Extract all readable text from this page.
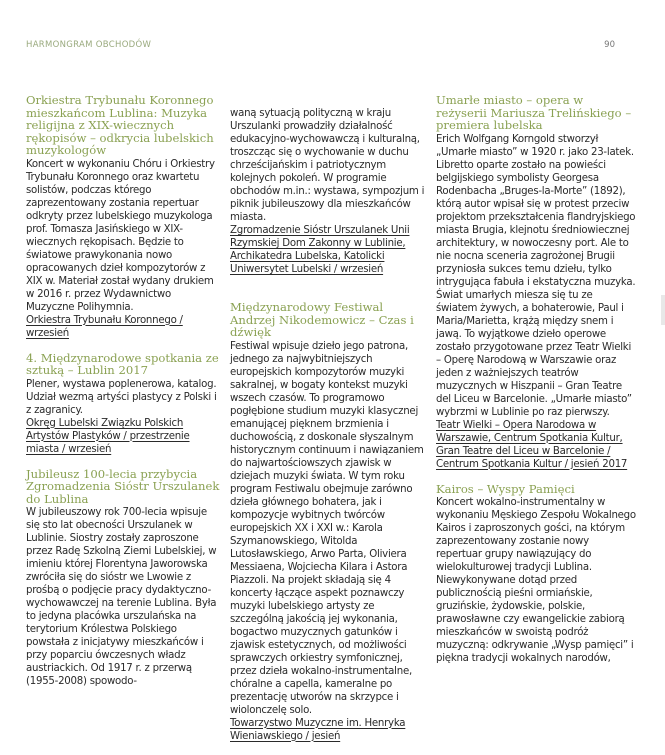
HARMONGRAM OBCHODÓW	90
Orkiestra Trybunału Koronnego mieszkańcom Lublina: Muzyka religijna z XIX-wiecznych rękopisów – odkrycia lubelskich muzykologów

Koncert w wykonaniu Chóru i Orkiestry Trybunału Koronnego oraz kwartetu solistów, podczas którego zaprezentowany zostania repertuar odkryty przez lubelskiego muzykologa prof. Tomasza Jasińskiego w XIX-wiecznych rękopisach. Będzie to światowe prawykonania nowo opracowanych dzieł kompozytorów z XIX w. Materiał został wydany drukiem w 2016 r. przez Wydawnictwo Muzyczne Polihymnia.

Orkiestra Trybunału Koronnego / wrzesień
4. Międzynarodowe spotkania ze sztuką – Lublin 2017

Plener, wystawa poplenerowa, katalog. Udział wezmą artyści plastycy z Polski i z zagranicy.

Okręg Lubelski Związku Polskich Artystów Plastyków / przestrzenie miasta / wrzesień
Jubileusz 100-lecia przybycia Zgromadzenia Sióstr Urszulanek do Lublina

W jubileuszowy rok 700-lecia wpisuje się sto lat obecności Urszulanek w Lublinie. Siostry zostały zaproszone przez Radę Szkolną Ziemi Lubelskiej, w imieniu której Florentyna Jaworowska zwróciła się do sióstr we Lwowie z prośbą o podjęcie pracy dydaktyczno-wychowawczej na terenie Lublina. Była to jedyna placówka urszulańska na terytorium Królestwa Polskiego powstała z inicjatywy mieszkańców i przy poparciu ówczesnych władz austriackich. Od 1917 r. z przerwą (1955-2008) spowodo-

waną sytuacją polityczną w kraju Urszulanki prowadziły działalność edukacyjno-wychowawczą i kulturalną, troszcząc się o wychowanie w duchu chrześcijańskim i patriotycznym kolejnych pokoleń. W programie obchodów m.in.: wystawa, sympozjum i piknik jubileuszowy dla mieszkańców miasta.

Zgromadzenie Sióstr Urszulanek Unii Rzymskiej Dom Zakonny w Lublinie, Archikatedra Lubelska, Katolicki Uniwersytet Lubelski / wrzesień

Międzynarodowy Festiwal Andrzej Nikodemowicz – Czas i dźwięk

Festiwal wpisuje dzieło jego patrona, jednego za najwybitniejszych europejskich kompozytorów muzyki sakralnej, w bogaty kontekst muzyki wszech czasów. To programowo pogłębione studium muzyki klasycznej emanującej pięknem brzmienia i duchowością, z doskonale słyszalnym historycznym continuum i nawiązaniem do najwartościowszych zjawisk w dziejach muzyki świata. W tym roku program Festiwalu obejmuje zarówno dzieła głównego bohatera, jak i kompozycje wybitnych twórców europejskich XX i XXI w.: Karola Szymanowskiego, Witolda Lutosławskiego, Arwo Parta, Oliviera Messiaena, Wojciecha Kilara i Astora Piazzoli. Na projekt składają się 4 koncerty łączące aspekt poznawczy muzyki lubelskiego artysty ze szczególną jakością jej wykonania, bogactwo muzycznych gatunków i zjawisk estetycznych, od możliwości sprawczych orkiestry symfonicznej, przez dzieła wokalno-instrumentalne, chóralne a capella, kameralne po prezentację utworów na skrzypce i wiolonczelę solo.

Towarzystwo Muzyczne im. Henryka Wieniawskiego / jesień
Umarłe miasto – opera w reżyserii Mariusza Trelińskiego – premiera lubelska

Erich Wolfgang Korngold stworzył „Umarłe miasto” w 1920 r. jako 23-latek. Libretto oparte zostało na powieści belgijskiego symbolisty Georgesa Rodenbacha „Bruges-la-Morte” (1892), którą autor wpisał się w protest przeciw projektom przekształcenia flandryjskiego miasta Brugia, klejnotu średniowiecznej architektury, w nowoczesny port. Ale to nie nocna sceneria zagrożonej Brugii przyniosła sukces temu dziełu, tylko intrygująca fabuła i ekstatyczna muzyka. Świat umarłych miesza się tu ze światem żywych, a bohaterowie, Paul i Maria/Marietta, krążą między snem i jawą. To wyjątkowe dzieło operowe zostało przygotowane przez Teatr Wielki – Operę Narodową w Warszawie oraz jeden z ważniejszych teatrów muzycznych w Hiszpanii – Gran Teatre del Liceu w Barcelonie. „Umarłe miasto” wybrzmi w Lublinie po raz pierwszy.

Teatr Wielki – Opera Narodowa w Warszawie, Centrum Spotkania Kultur, Gran Teatre del Liceu w Barcelonie / Centrum Spotkania Kultur / jesień 2017
Kairos – Wyspy Pamięci

Koncert wokalno-instrumentalny w wykonaniu Męskiego Zespołu Wokalnego Kairos i zaproszonych gości, na którym zaprezentowany zostanie nowy repertuar grupy nawiązujący do wielokulturowej tradycji Lublina. Niewykonywane dotąd przed publicznością pieśni ormiańskie, gruzińskie, żydowskie, polskie, prawosławne czy ewangelickie zabiorą mieszkańców w swoistą podróż muzyczną: odkrywanie „Wysp pamięci” i piękna tradycji wokalnych narodów,
